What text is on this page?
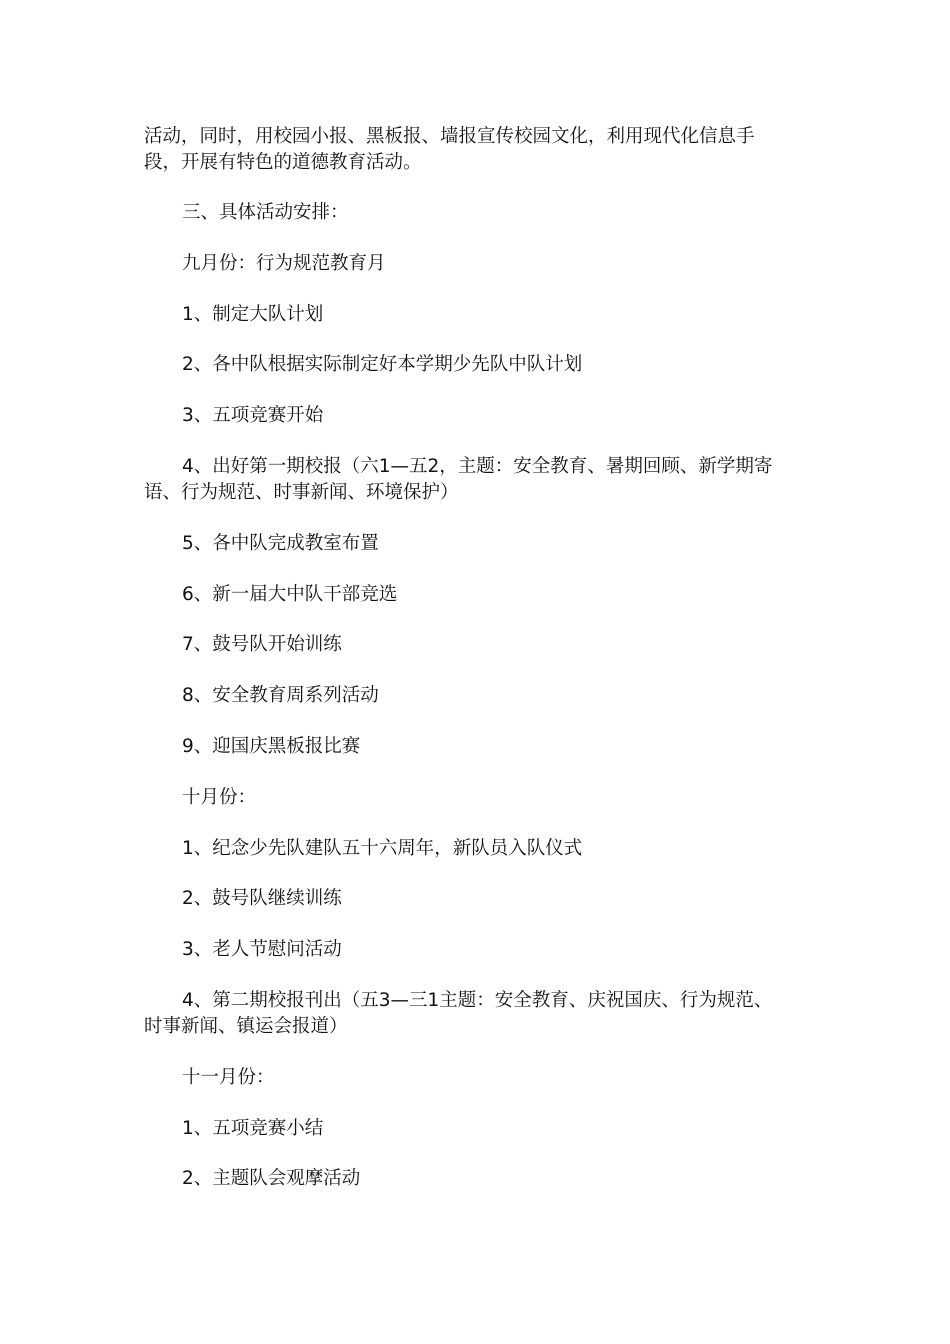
活动，同时，用校园小报、黑板报、墙报宣传校园文化，利用现代化信息手
段，开展有特色的道德教育活动。

三、具体活动安排：
九月份：行为规范教育月
1、制定大队计划
2、各中队根据实际制定好本学期少先队中队计划
3、五项竞赛开始
4、出好第一期校报（六1—五2，主题：安全教育、暑期回顾、新学期寄
语、行为规范、时事新闻、环境保护）
5、各中队完成教室布置
6、新一届大中队干部竞选
7、鼓号队开始训练
8、安全教育周系列活动
9、迎国庆黑板报比赛
十月份：
1、纪念少先队建队五十六周年，新队员入队仪式
2、鼓号队继续训练
3、老人节慰问活动
4、第二期校报刊出（五3—三1主题：安全教育、庆祝国庆、行为规范、
时事新闻、镇运会报道）
十一月份：
1、五项竞赛小结
2、主题队会观摩活动
